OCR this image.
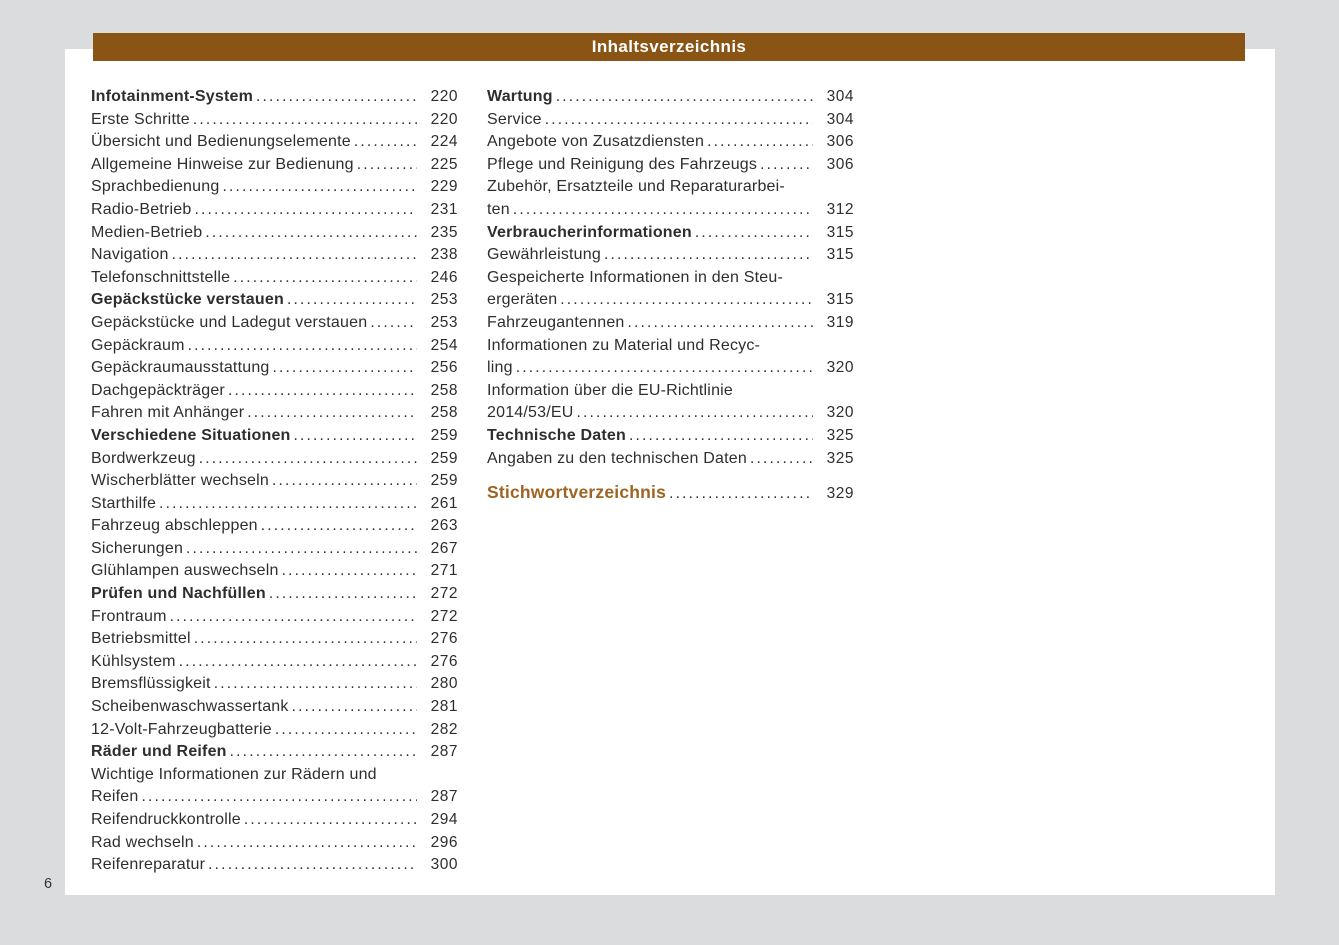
Inhaltsverzeichnis
Infotainment-System .....	220
Erste Schritte .....	220
Übersicht und Bedienungselemente .....	224
Allgemeine Hinweise zur Bedienung .....	225
Sprachbedienung .....	229
Radio-Betrieb .....	231
Medien-Betrieb .....	235
Navigation .....	238
Telefonschnittstelle .....	246
Gepäckstücke verstauen .....	253
Gepäckstücke und Ladegut verstauen .....	253
Gepäckraum .....	254
Gepäckraumausstattung .....	256
Dachgepäckträger .....	258
Fahren mit Anhänger .....	258
Verschiedene Situationen .....	259
Bordwerkzeug .....	259
Wischerblätter wechseln .....	259
Starthilfe .....	261
Fahrzeug abschleppen .....	263
Sicherungen .....	267
Glühlampen auswechseln .....	271
Prüfen und Nachfüllen .....	272
Frontraum .....	272
Betriebsmittel .....	276
Kühlsystem .....	276
Bremsflüssigkeit .....	280
Scheibenwaschwassertank .....	281
12-Volt-Fahrzeugbatterie .....	282
Räder und Reifen .....	287
Wichtige Informationen zur Rädern und
Reifen .....	287
Reifendruckkontrolle .....	294
Rad wechseln .....	296
Reifenreparatur .....	300
Wartung .....	304
Service .....	304
Angebote von Zusatzdiensten .....	306
Pflege und Reinigung des Fahrzeugs .....	306
Zubehör, Ersatzteile und Reparaturarbei-
ten .....	312
Verbraucherinformationen .....	315
Gewährleistung .....	315
Gespeicherte Informationen in den Steu-
ergeräten .....	315
Fahrzeugantennen .....	319
Informationen zu Material und Recyc-
ling .....	320
Information über die EU-Richtlinie
2014/53/EU .....	320
Technische Daten .....	325
Angaben zu den technischen Daten .....	325
Stichwortverzeichnis .....	329
6
